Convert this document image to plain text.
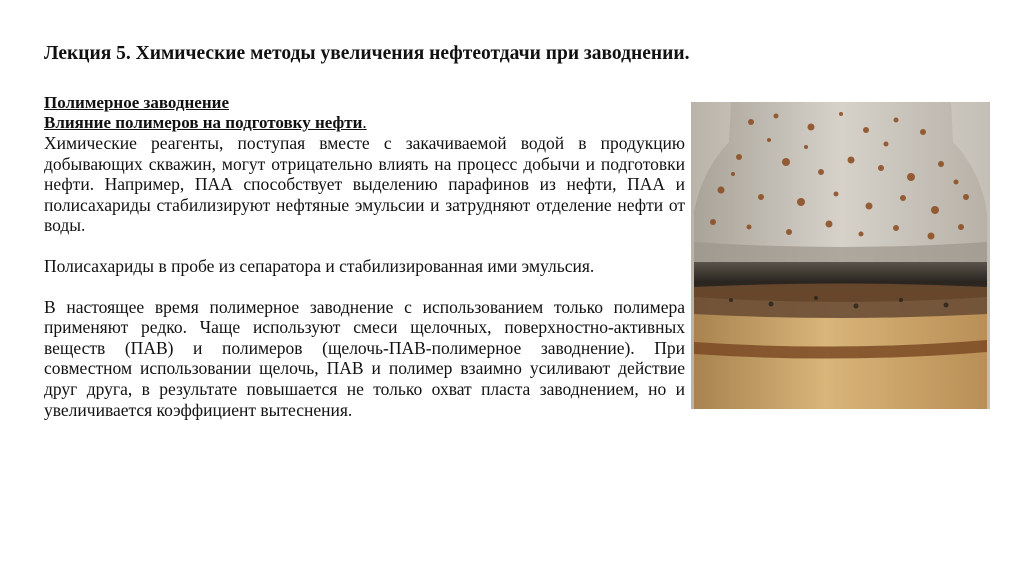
Лекция 5. Химические методы увеличения нефтеотдачи при заводнении.
Полимерное заводнение
Влияние полимеров на подготовку нефти.

Химические реагенты, поступая вместе с закачиваемой водой в продукцию добывающих скважин, могут отрицательно влиять на процесс добычи и подготовки нефти. Например, ПАА способствует выделению парафинов из нефти, ПАА и полисахариды стабилизируют нефтяные эмульсии и затрудняют отделение нефти от воды.

Полисахариды в пробе из сепаратора и стабилизированная ими эмульсия.

В настоящее время полимерное заводнение с использованием только полимера применяют редко. Чаще используют смеси щелочных, поверхностно-активных веществ (ПАВ) и полимеров (щелочь-ПАВ-полимерное заводнение). При совместном использовании щелочь, ПАВ и полимер взаимно усиливают действие друг друга, в результате повышается не только охват пласта заводнением, но и увеличивается коэффициент вытеснения.
